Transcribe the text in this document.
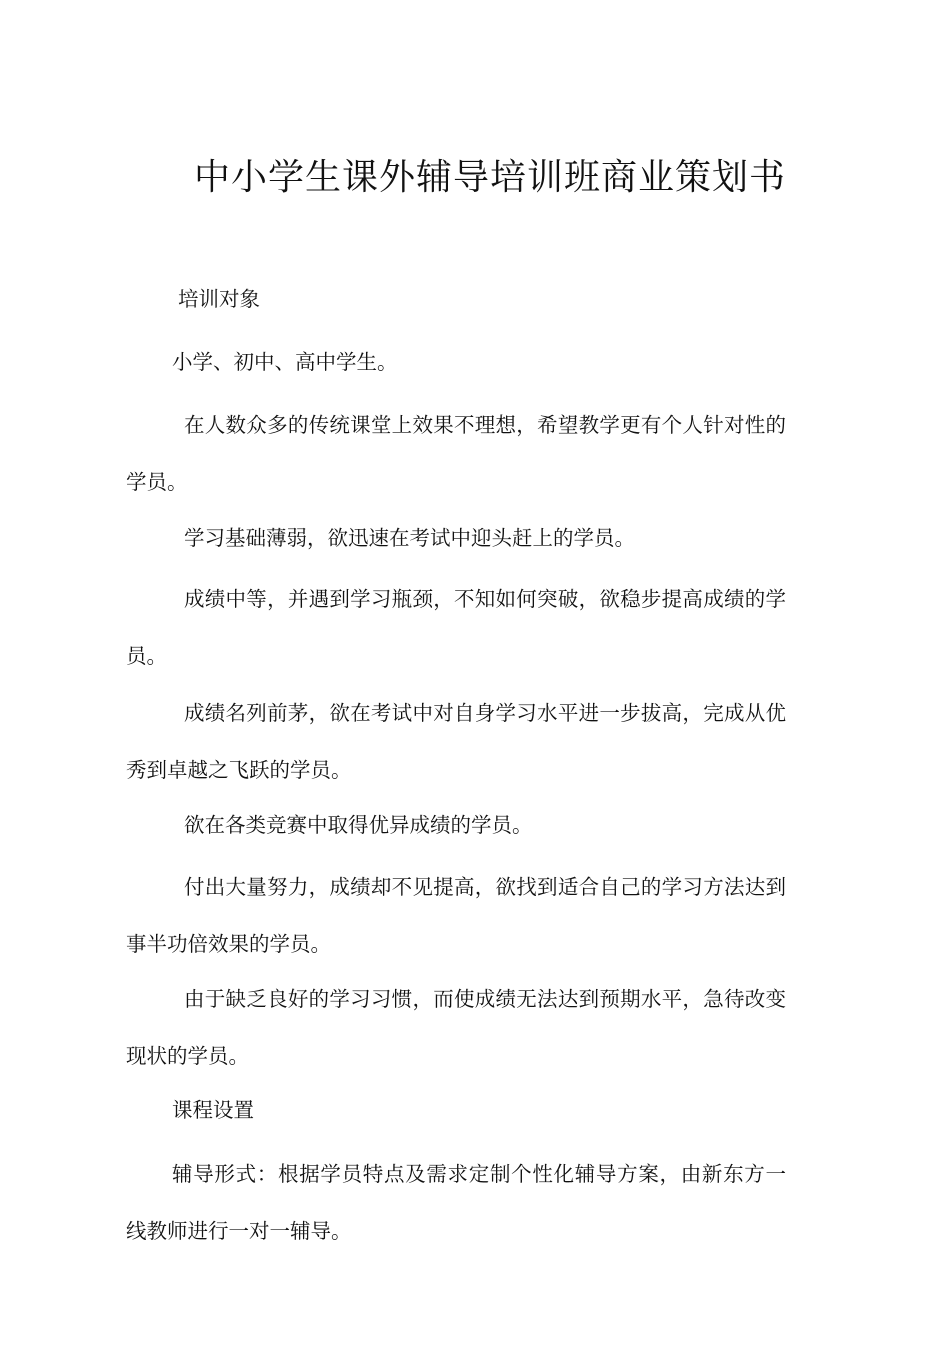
中小学生课外辅导培训班商业策划书

培训对象

小学、初中、高中学生。

在人数众多的传统课堂上效果不理想，希望教学更有个人针对性的学员。

学习基础薄弱，欲迅速在考试中迎头赶上的学员。

成绩中等，并遇到学习瓶颈，不知如何突破，欲稳步提高成绩的学员。

成绩名列前茅，欲在考试中对自身学习水平进一步拔高，完成从优秀到卓越之飞跃的学员。

欲在各类竞赛中取得优异成绩的学员。

付出大量努力，成绩却不见提高，欲找到适合自己的学习方法达到事半功倍效果的学员。

由于缺乏良好的学习习惯，而使成绩无法达到预期水平，急待改变现状的学员。

课程设置

辅导形式：根据学员特点及需求定制个性化辅导方案，由新东方一线教师进行一对一辅导。
